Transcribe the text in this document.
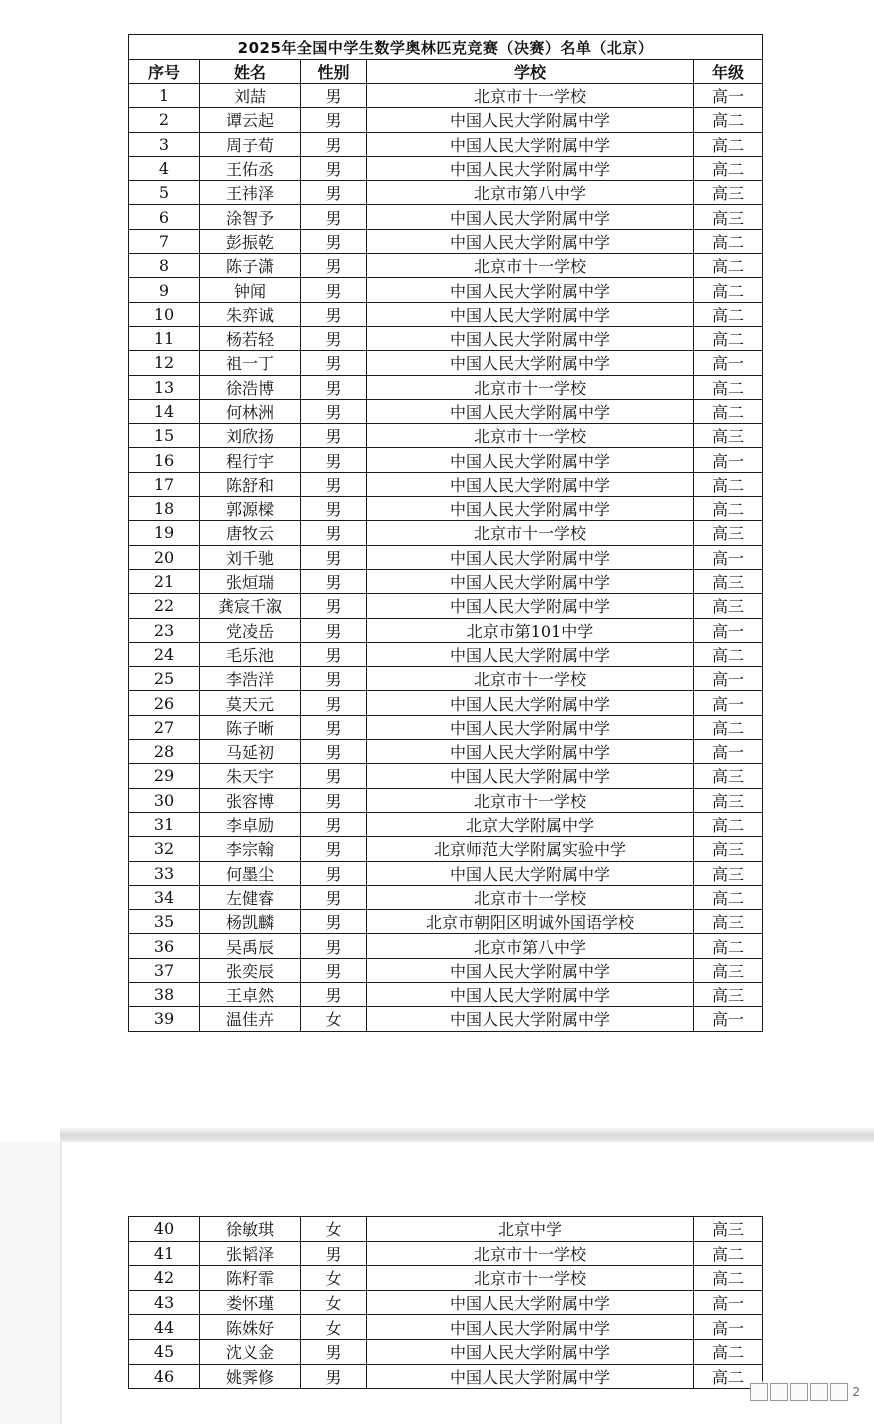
2025年全国中学生数学奥林匹克竞赛（决赛）名单（北京）				
序号	姓名	性别	学校	年级
1	刘喆	男	北京市十一学校	高一
2	谭云起	男	中国人民大学附属中学	高二
3	周子荀	男	中国人民大学附属中学	高二
4	王佑丞	男	中国人民大学附属中学	高二
5	王祎泽	男	北京市第八中学	高三
6	涂智予	男	中国人民大学附属中学	高三
7	彭振乾	男	中国人民大学附属中学	高二
8	陈子潇	男	北京市十一学校	高二
9	钟闻	男	中国人民大学附属中学	高二
10	朱弈诚	男	中国人民大学附属中学	高二
11	杨若轻	男	中国人民大学附属中学	高二
12	祖一丁	男	中国人民大学附属中学	高一
13	徐浩博	男	北京市十一学校	高二
14	何林洲	男	中国人民大学附属中学	高二
15	刘欣扬	男	北京市十一学校	高三
16	程行宇	男	中国人民大学附属中学	高一
17	陈舒和	男	中国人民大学附属中学	高二
18	郭源樑	男	中国人民大学附属中学	高二
19	唐牧云	男	北京市十一学校	高三
20	刘千驰	男	中国人民大学附属中学	高一
21	张烜瑞	男	中国人民大学附属中学	高三
22	龚宸千溆	男	中国人民大学附属中学	高三
23	党凌岳	男	北京市第101中学	高一
24	毛乐池	男	中国人民大学附属中学	高二
25	李浩洋	男	北京市十一学校	高一
26	莫天元	男	中国人民大学附属中学	高一
27	陈子晰	男	中国人民大学附属中学	高二
28	马延初	男	中国人民大学附属中学	高一
29	朱天宇	男	中国人民大学附属中学	高三
30	张容博	男	北京市十一学校	高三
31	李卓励	男	北京大学附属中学	高二
32	李宗翰	男	北京师范大学附属实验中学	高三
33	何墨尘	男	中国人民大学附属中学	高三
34	左健睿	男	北京市十一学校	高二
35	杨凯麟	男	北京市朝阳区明诚外国语学校	高三
36	吴禹辰	男	北京市第八中学	高二
37	张奕辰	男	中国人民大学附属中学	高三
38	王卓然	男	中国人民大学附属中学	高三
39	温佳卉	女	中国人民大学附属中学	高一
40	徐敏琪	女	北京中学	高三
41	张韬泽	男	北京市十一学校	高二
42	陈籽霏	女	北京市十一学校	高二
43	娄怀瑾	女	中国人民大学附属中学	高一
44	陈姝好	女	中国人民大学附属中学	高一
45	沈义金	男	中国人民大学附属中学	高二
46	姚霁修	男	中国人民大学附属中学	高二
2
